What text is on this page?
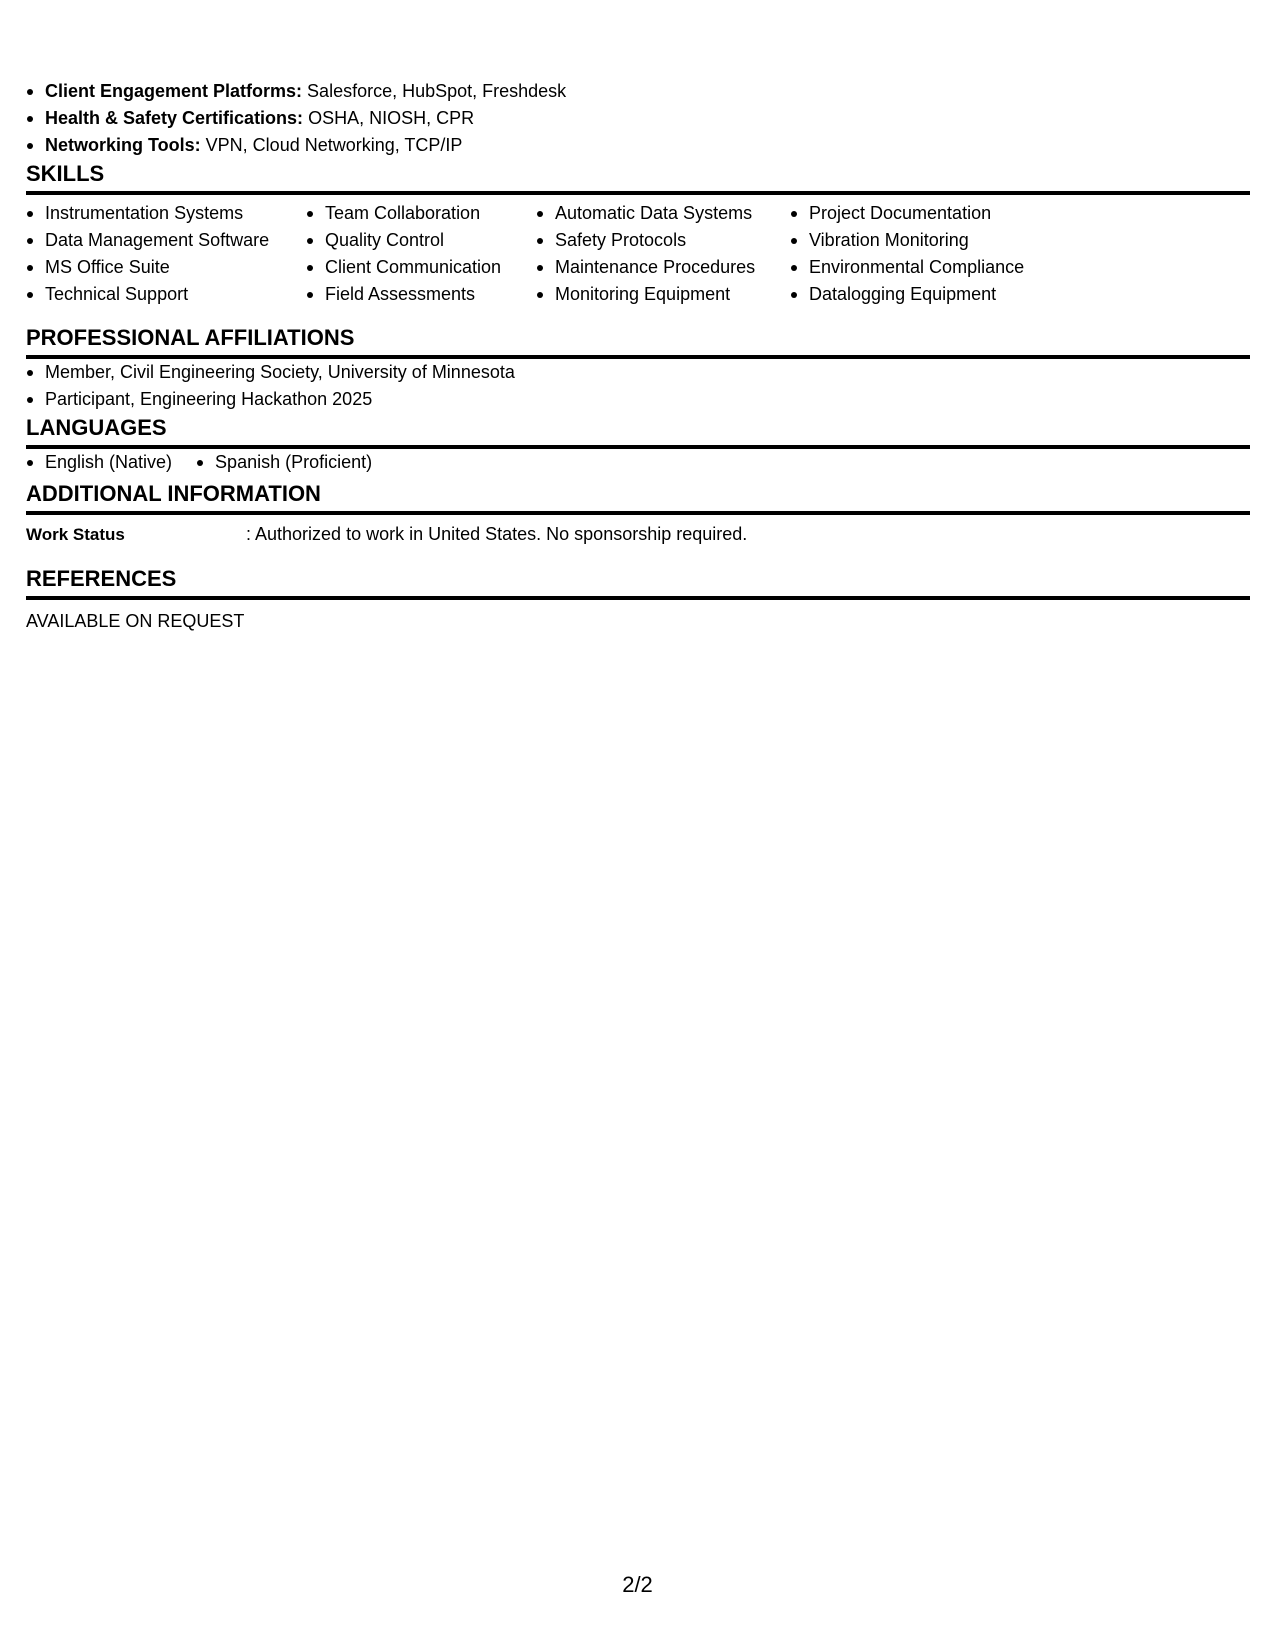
Client Engagement Platforms: Salesforce, HubSpot, Freshdesk
Health & Safety Certifications: OSHA, NIOSH, CPR
Networking Tools: VPN, Cloud Networking, TCP/IP
SKILLS
Instrumentation Systems
Data Management Software
MS Office Suite
Technical Support
Team Collaboration
Quality Control
Client Communication
Field Assessments
Automatic Data Systems
Safety Protocols
Maintenance Procedures
Monitoring Equipment
Project Documentation
Vibration Monitoring
Environmental Compliance
Datalogging Equipment
PROFESSIONAL AFFILIATIONS
Member, Civil Engineering Society, University of Minnesota
Participant, Engineering Hackathon 2025
LANGUAGES
English (Native)	Spanish (Proficient)
ADDITIONAL INFORMATION
Work Status	: Authorized to work in United States. No sponsorship required.
REFERENCES
AVAILABLE ON REQUEST
2/2
